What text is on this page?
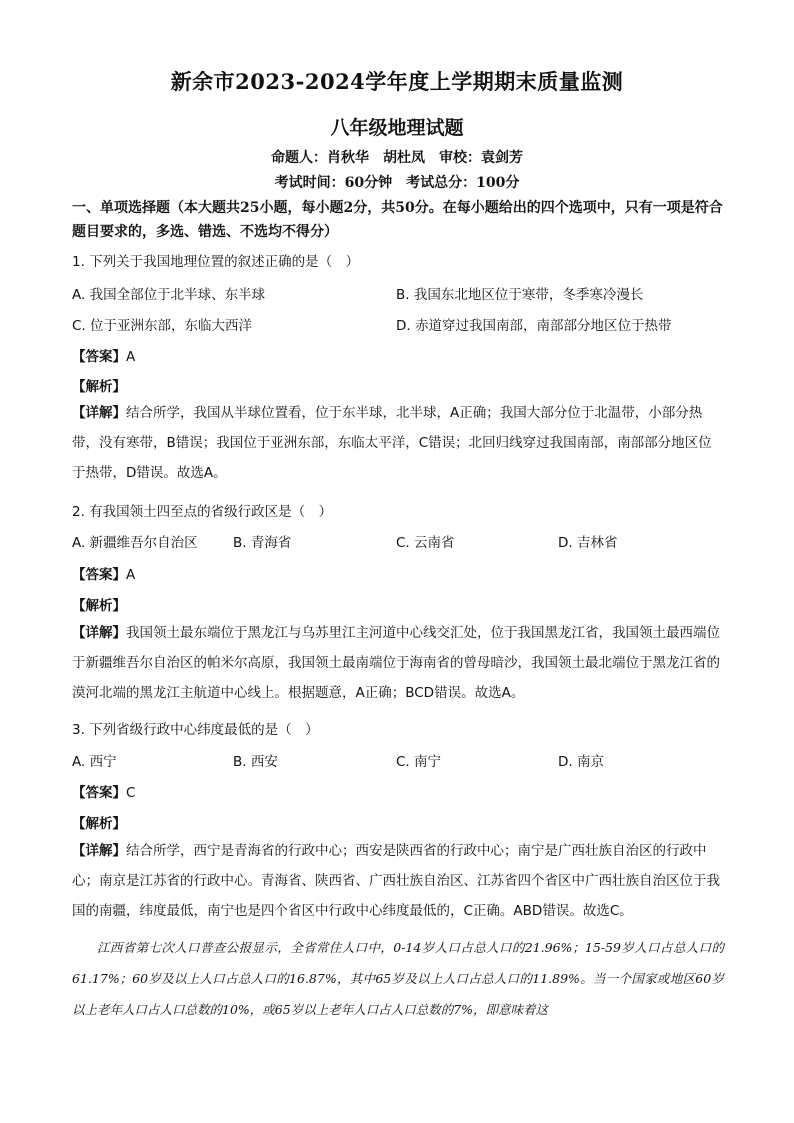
新余市2023-2024学年度上学期期末质量监测
八年级地理试题
命题人：肖秋华　胡杜凤　审校：袁剑芳
考试时间：60分钟　考试总分：100分
一、单项选择题（本大题共25小题，每小题2分，共50分。在每小题给出的四个选项中，只有一项是符合题目要求的，多选、错选、不选均不得分）
1. 下列关于我国地理位置的叙述正确的是（　）
A. 我国全部位于北半球、东半球	B. 我国东北地区位于寒带，冬季寒冷漫长
C. 位于亚洲东部，东临大西洋	D. 赤道穿过我国南部，南部部分地区位于热带
【答案】A
【解析】
【详解】结合所学，我国从半球位置看，位于东半球，北半球，A正确；我国大部分位于北温带，小部分热带，没有寒带，B错误；我国位于亚洲东部，东临太平洋，C错误；北回归线穿过我国南部，南部部分地区位于热带，D错误。故选A。
2. 有我国领土四至点的省级行政区是（　）
A. 新疆维吾尔自治区	B. 青海省	C. 云南省	D. 吉林省
【答案】A
【解析】
【详解】我国领土最东端位于黑龙江与乌苏里江主河道中心线交汇处，位于我国黑龙江省，我国领土最西端位于新疆维吾尔自治区的帕米尔高原，我国领土最南端位于海南省的曾母暗沙，我国领土最北端位于黑龙江省的漠河北端的黑龙江主航道中心线上。根据题意，A正确；BCD错误。故选A。
3. 下列省级行政中心纬度最低的是（　）
A. 西宁	B. 西安	C. 南宁	D. 南京
【答案】C
【解析】
【详解】结合所学，西宁是青海省的行政中心；西安是陕西省的行政中心；南宁是广西壮族自治区的行政中心；南京是江苏省的行政中心。青海省、陕西省、广西壮族自治区、江苏省四个省区中广西壮族自治区位于我国的南疆，纬度最低，南宁也是四个省区中行政中心纬度最低的，C正确。ABD错误。故选C。
江西省第七次人口普查公报显示，全省常住人口中，0-14岁人口占总人口的21.96%；15-59岁人口占总人口的61.17%；60岁及以上人口占总人口的16.87%，其中65岁及以上人口占总人口的11.89%。当一个国家或地区60岁以上老年人口占人口总数的10%，或65岁以上老年人口占人口总数的7%，即意味着这
